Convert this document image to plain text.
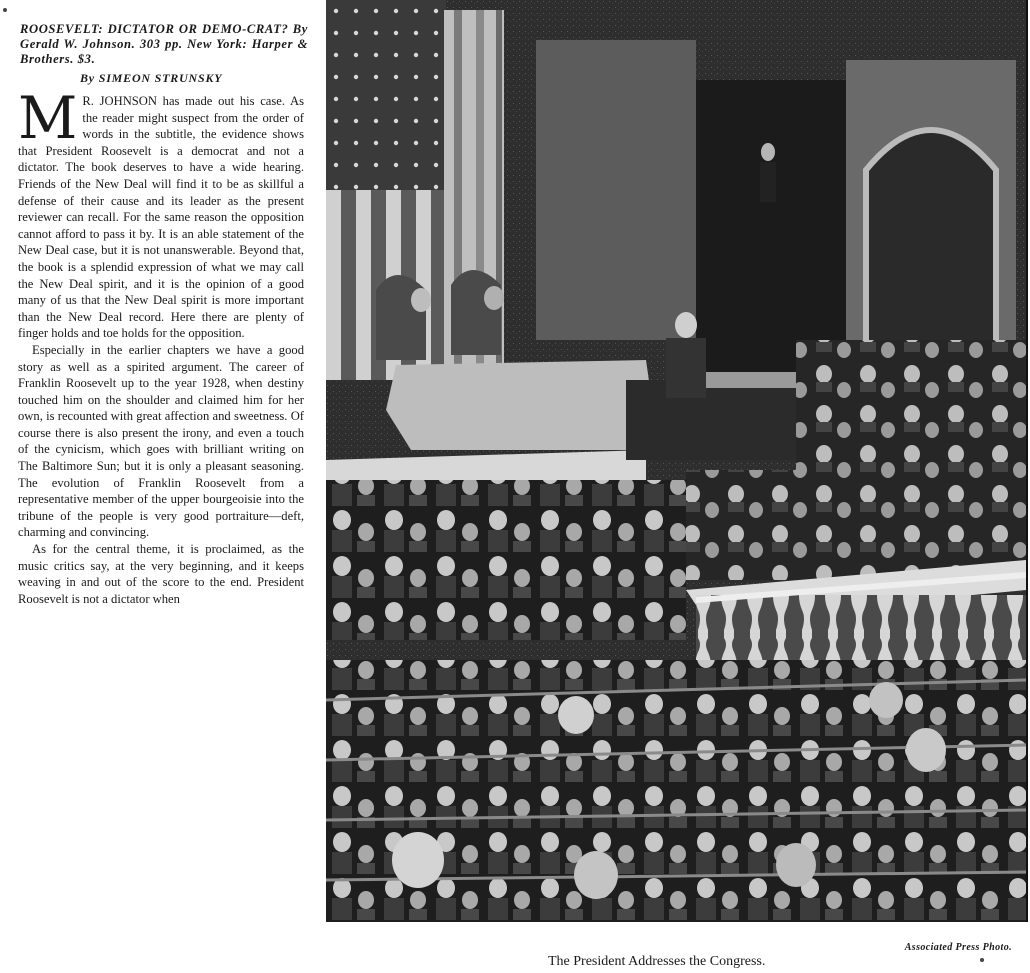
ROOSEVELT: DICTATOR OR DEMO-CRAT? By Gerald W. Johnson. 303 pp. New York: Harper & Brothers. $3.
By SIMEON STRUNSKY

M R. JOHNSON has made out his case. As the reader might suspect from the order of words in the subtitle, the evidence shows that President Roosevelt is a democrat and not a dictator. The book deserves to have a wide hearing. Friends of the New Deal will find it to be as skillful a defense of their cause and its leader as the present reviewer can recall. For the same reason the opposition cannot afford to pass it by. It is an able statement of the New Deal case, but it is not unanswerable. Beyond that, the book is a splendid expression of what we may call the New Deal spirit, and it is the opinion of a good many of us that the New Deal spirit is more important than the New Deal record. Here there are plenty of finger holds and toe holds for the opposition.

Especially in the earlier chapters we have a good story as well as a spirited argument. The career of Franklin Roosevelt up to the year 1928, when destiny touched him on the shoulder and claimed him for her own, is recounted with great affection and sweetness. Of course there is also present the irony, and even a touch of the cynicism, which goes with brilliant writing on The Baltimore Sun; but it is only a pleasant seasoning. The evolution of Franklin Roosevelt from a representative member of the upper bourgeoisie into the tribune of the people is very good portraiture—deft, charming and convincing.

As for the central theme, it is proclaimed, as the music critics say, at the very beginning, and it keeps weaving in and out of the score to the end. President Roosevelt is not a dictator when

Associated Press Photo.
The President Addresses the Congress.
